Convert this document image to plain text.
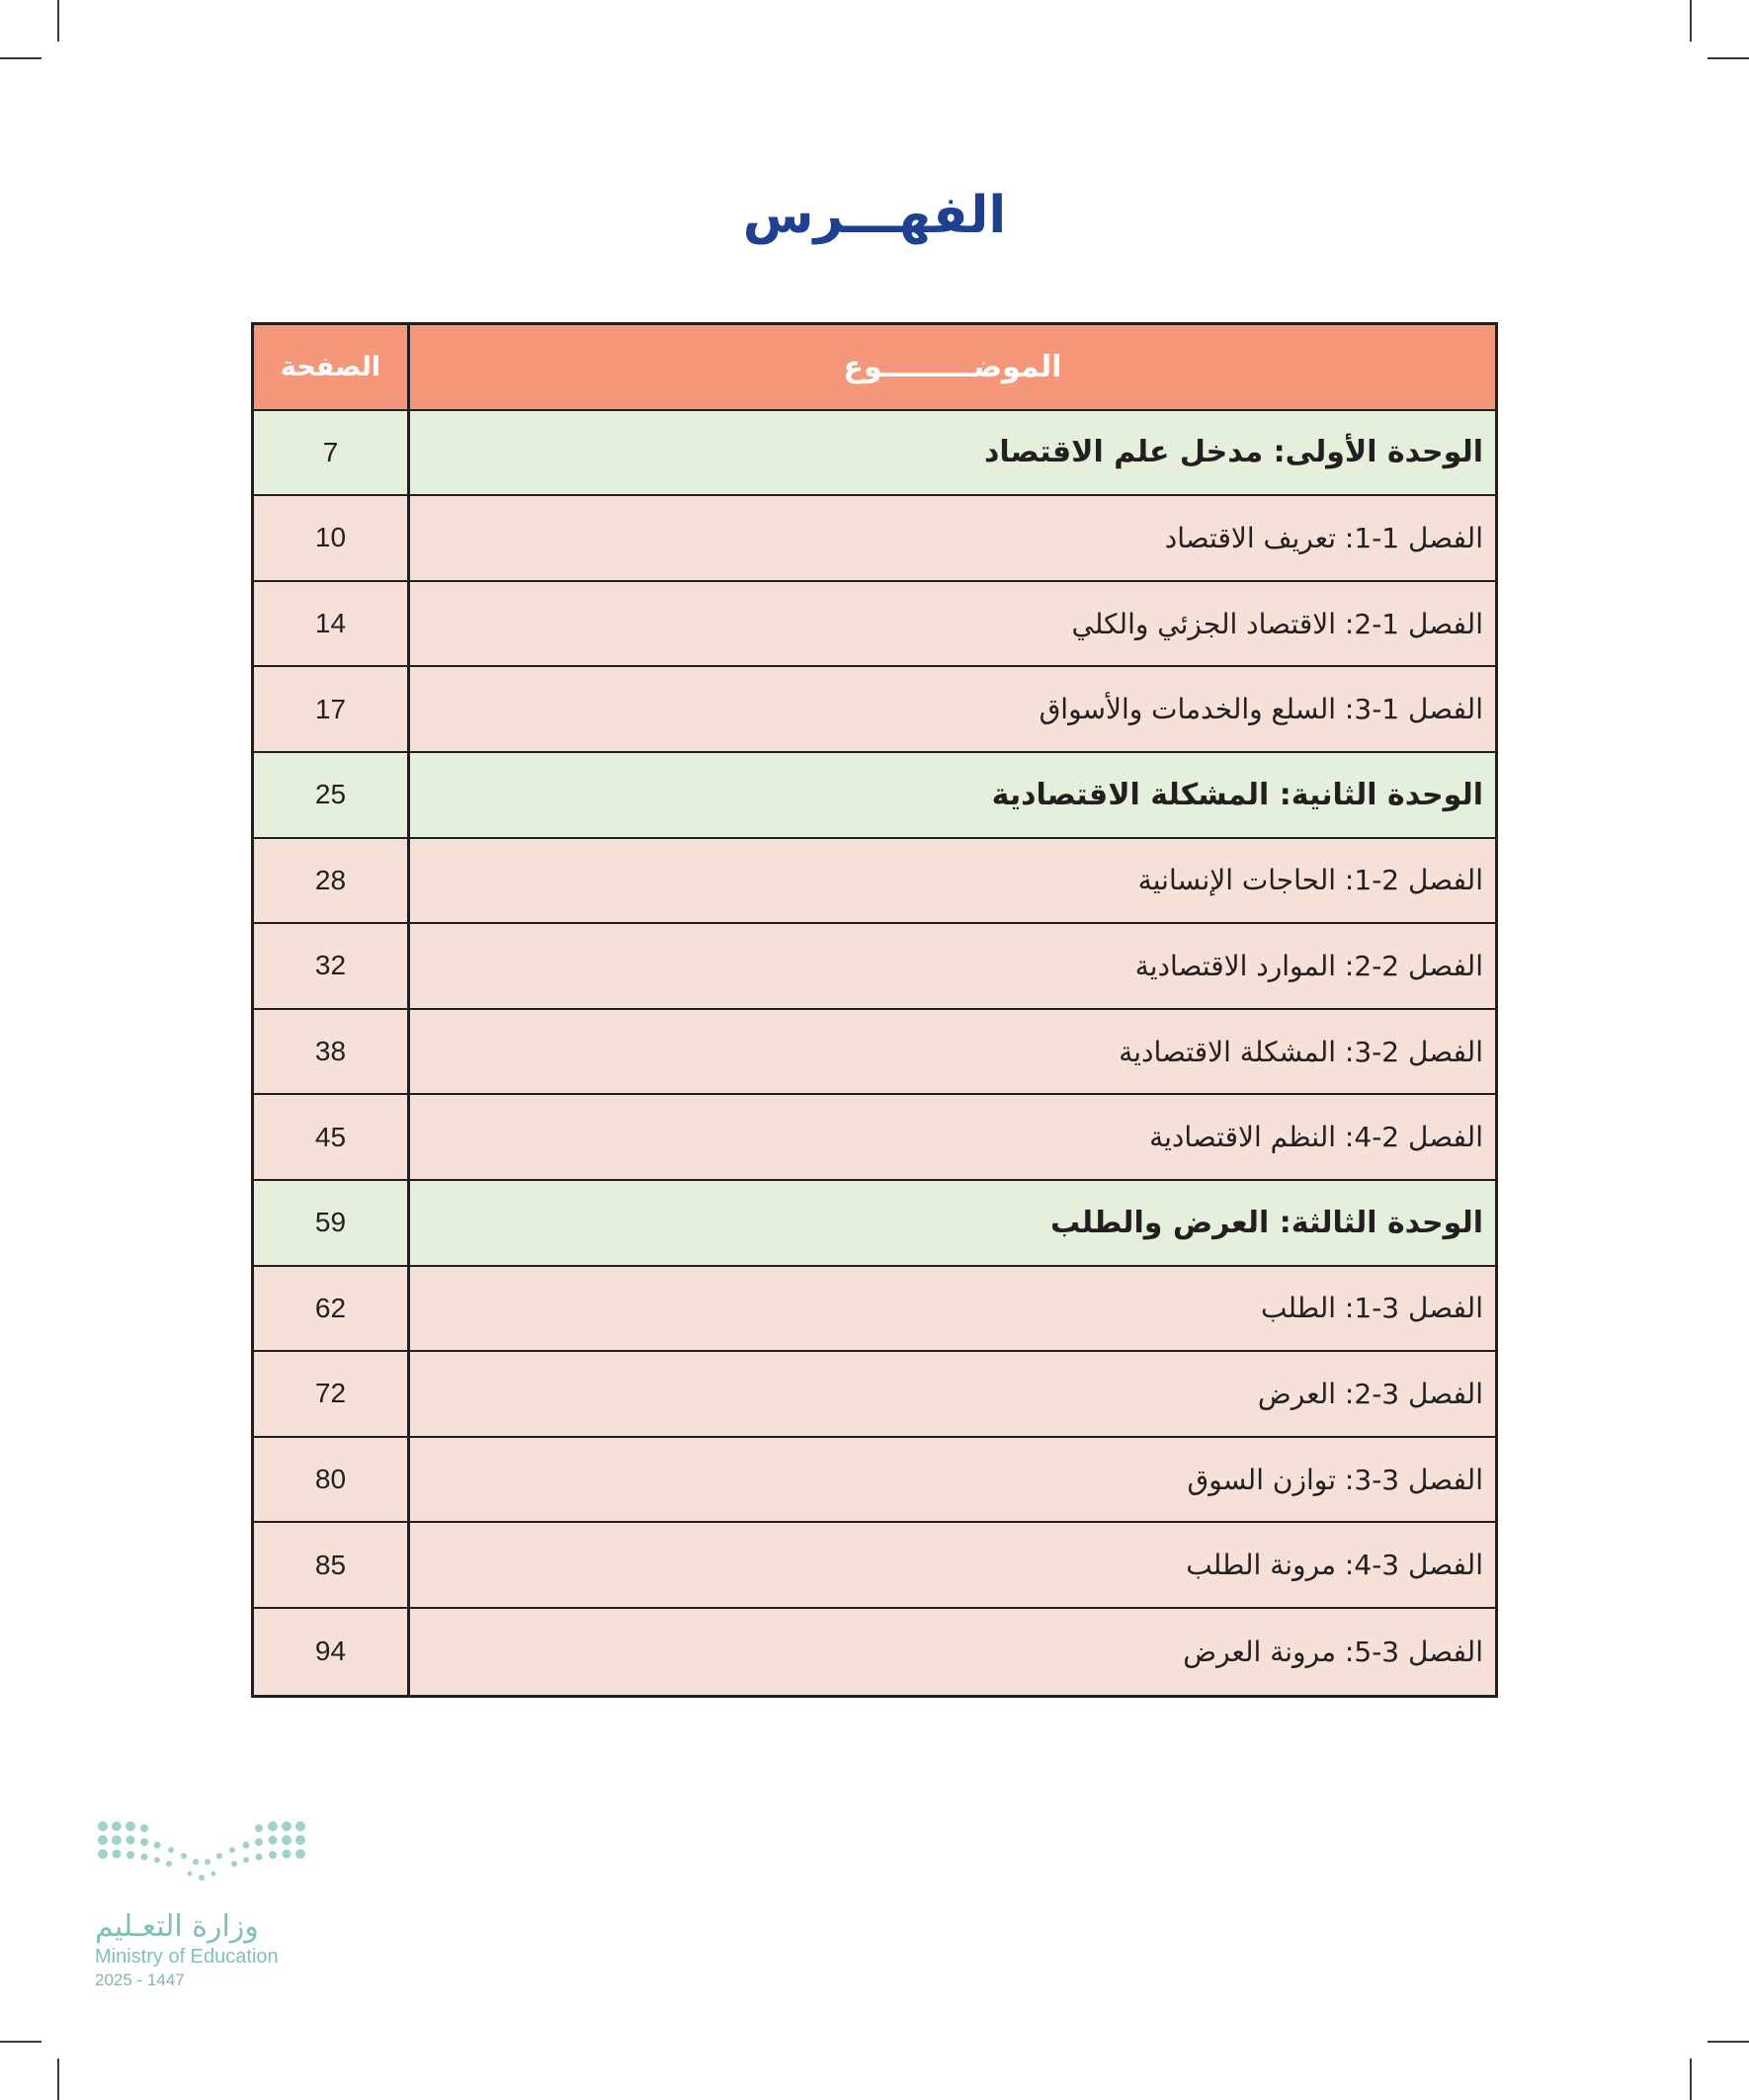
الفهـــرس
الموضـــــــــوع
الصفحة
الوحدة الأولى: مدخل علم الاقتصاد
7
الفصل 1-1: تعريف الاقتصاد
10
الفصل 1-2: الاقتصاد الجزئي والكلي
14
الفصل 1-3: السلع والخدمات والأسواق
17
الوحدة الثانية: المشكلة الاقتصادية
25
الفصل 2-1: الحاجات الإنسانية
28
الفصل 2-2: الموارد الاقتصادية
32
الفصل 2-3: المشكلة الاقتصادية
38
الفصل 2-4: النظم الاقتصادية
45
الوحدة الثالثة: العرض والطلب
59
الفصل 3-1: الطلب
62
الفصل 3-2: العرض
72
الفصل 3-3: توازن السوق
80
الفصل 3-4: مرونة الطلب
85
الفصل 3-5: مرونة العرض
94
وزارة التعـليم
Ministry of Education
2025 - 1447
